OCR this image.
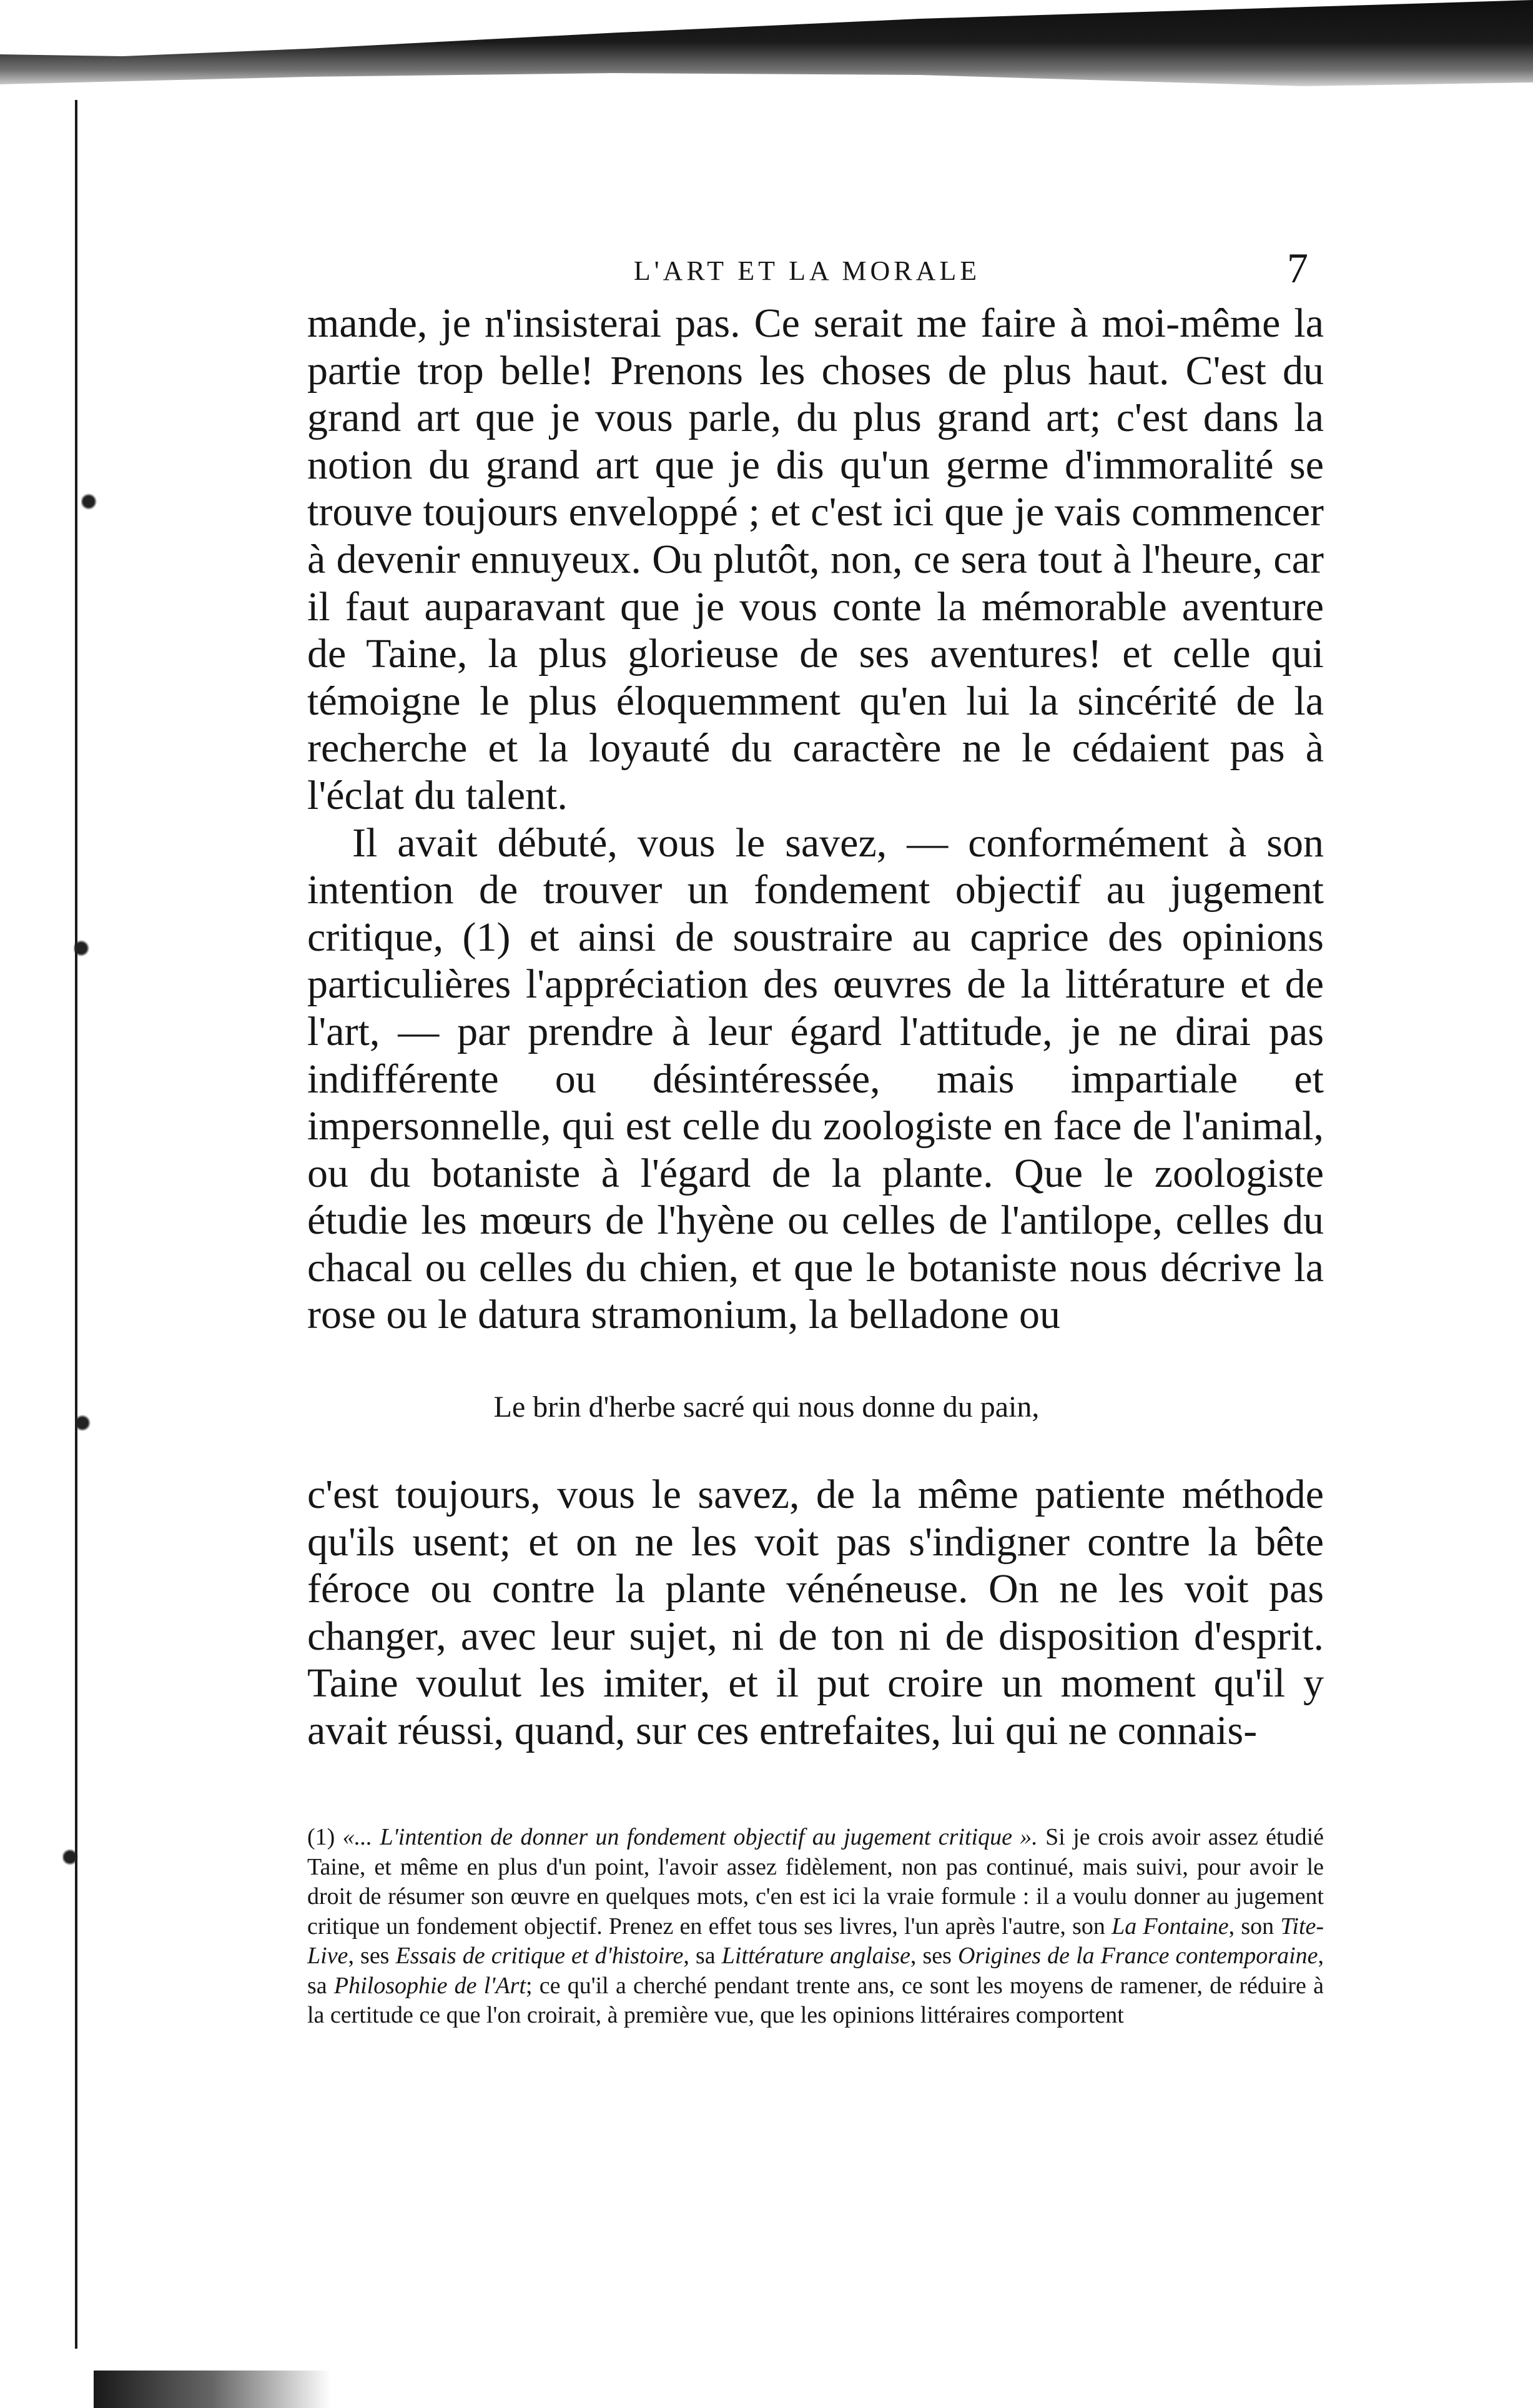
L'ART ET LA MORALE	7

mande, je n'insisterai pas. Ce serait me faire à moi-même la partie trop belle! Prenons les choses de plus haut. C'est du grand art que je vous parle, du plus grand art; c'est dans la notion du grand art que je dis qu'un germe d'immoralité se trouve toujours enveloppé ; et c'est ici que je vais commencer à devenir ennuyeux. Ou plutôt, non, ce sera tout à l'heure, car il faut auparavant que je vous conte la mémorable aventure de Taine, la plus glorieuse de ses aventures! et celle qui témoigne le plus éloquemment qu'en lui la sincérité de la recherche et la loyauté du caractère ne le cédaient pas à l'éclat du talent.

Il avait débuté, vous le savez, — conformément à son intention de trouver un fondement objectif au jugement critique, (1) et ainsi de soustraire au caprice des opinions particulières l'appréciation des œuvres de la littérature et de l'art, — par prendre à leur égard l'attitude, je ne dirai pas indifférente ou désintéressée, mais impartiale et impersonnelle, qui est celle du zoologiste en face de l'animal, ou du botaniste à l'égard de la plante. Que le zoologiste étudie les mœurs de l'hyène ou celles de l'antilope, celles du chacal ou celles du chien, et que le botaniste nous décrive la rose ou le datura stramonium, la belladone ou

Le brin d'herbe sacré qui nous donne du pain,

c'est toujours, vous le savez, de la même patiente méthode qu'ils usent; et on ne les voit pas s'indigner contre la bête féroce ou contre la plante vénéneuse. On ne les voit pas changer, avec leur sujet, ni de ton ni de disposition d'esprit. Taine voulut les imiter, et il put croire un moment qu'il y avait réussi, quand, sur ces entrefaites, lui qui ne connais-

(1) «... L'intention de donner un fondement objectif au jugement critique ». Si je crois avoir assez étudié Taine, et même en plus d'un point, l'avoir assez fidèlement, non pas continué, mais suivi, pour avoir le droit de résumer son œuvre en quelques mots, c'en est ici la vraie formule : il a voulu donner au jugement critique un fondement objectif. Prenez en effet tous ses livres, l'un après l'autre, son La Fontaine, son Tite-Live, ses Essais de critique et d'histoire, sa Littérature anglaise, ses Origines de la France contemporaine, sa Philosophie de l'Art; ce qu'il a cherché pendant trente ans, ce sont les moyens de ramener, de réduire à la certitude ce que l'on croirait, à première vue, que les opinions littéraires comportent
